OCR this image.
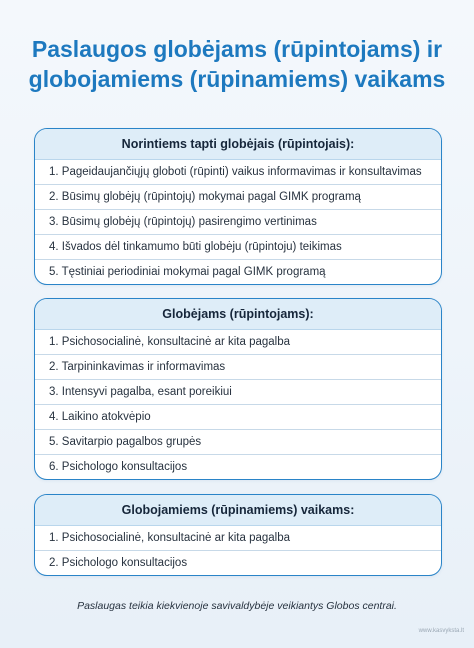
Paslaugos globėjams (rūpintojams) ir
globojamiems (rūpinamiems) vaikams
Norintiems tapti globėjais (rūpintojais):
1. Pageidaujančiųjų globoti (rūpinti) vaikus informavimas ir konsultavimas
2. Būsimų globėjų (rūpintojų) mokymai pagal GIMK programą
3. Būsimų globėjų (rūpintojų) pasirengimo vertinimas
4. Išvados dėl tinkamumo būti globėju (rūpintoju) teikimas
5. Tęstiniai periodiniai mokymai pagal GIMK programą
Globėjams (rūpintojams):
1. Psichosocialinė, konsultacinė ar kita pagalba
2. Tarpininkavimas ir informavimas
3. Intensyvi pagalba, esant poreikiui
4. Laikino atokvėpio
5. Savitarpio pagalbos grupės
6. Psichologo konsultacijos
Globojamiems (rūpinamiems) vaikams:
1. Psichosocialinė, konsultacinė ar kita pagalba
2. Psichologo konsultacijos
Paslaugas teikia kiekvienoje savivaldybėje veikiantys Globos centrai.
www.kasvyksta.lt
